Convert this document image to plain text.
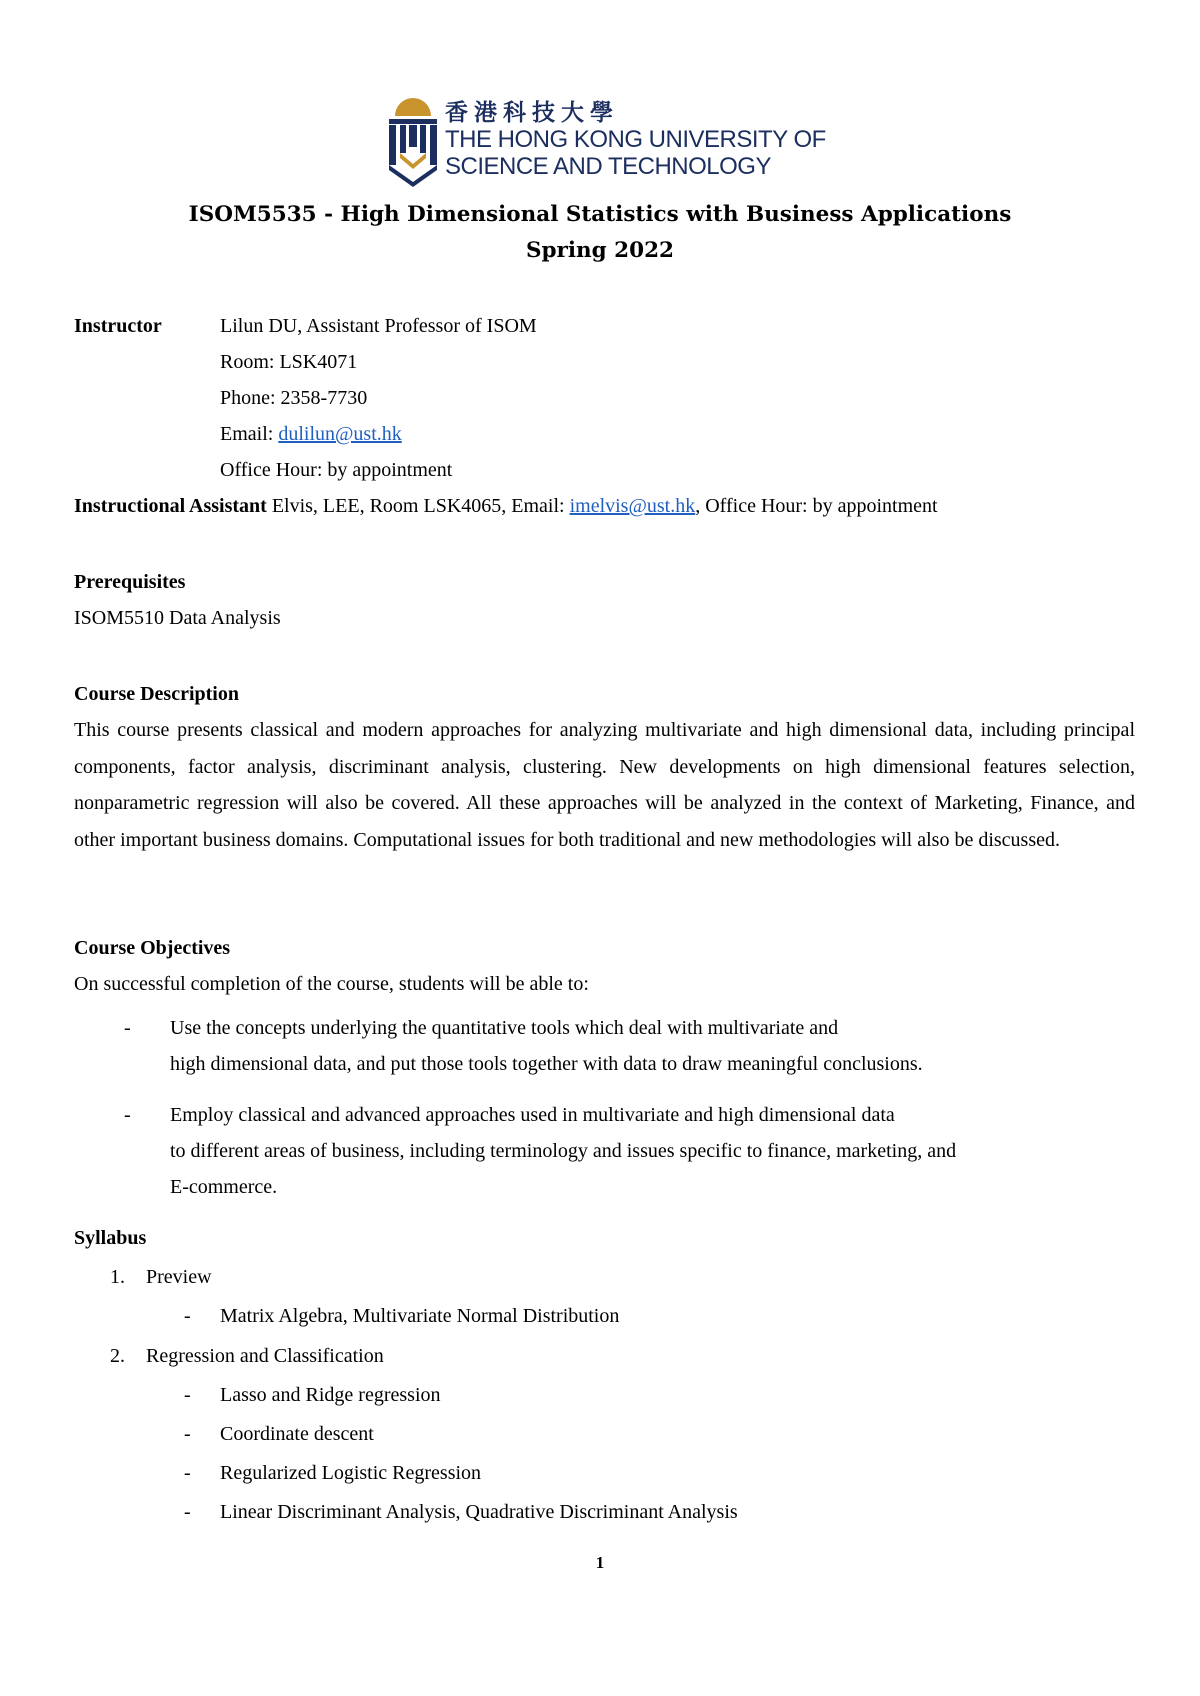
香港科技大學
THE HONG KONG UNIVERSITY OF
SCIENCE AND TECHNOLOGY
ISOM5535 - High Dimensional Statistics with Business Applications
Spring 2022
Instructor	Lilun DU, Assistant Professor of ISOM
Room: LSK4071
Phone: 2358-7730
Email: dulilun@ust.hk
Office Hour: by appointment
Instructional Assistant Elvis, LEE, Room LSK4065, Email: imelvis@ust.hk, Office Hour: by appointment
Prerequisites
ISOM5510 Data Analysis
Course Description
This course presents classical and modern approaches for analyzing multivariate and high dimensional data, including principal components, factor analysis, discriminant analysis, clustering. New developments on high dimensional features selection, nonparametric regression will also be covered. All these approaches will be analyzed in the context of Marketing, Finance, and other important business domains. Computational issues for both traditional and new methodologies will also be discussed.
Course Objectives
On successful completion of the course, students will be able to:
- Use the concepts underlying the quantitative tools which deal with multivariate and
high dimensional data, and put those tools together with data to draw meaningful conclusions.
- Employ classical and advanced approaches used in multivariate and high dimensional data
to different areas of business, including terminology and issues specific to finance, marketing, and
E-commerce.
Syllabus
1. Preview
- Matrix Algebra, Multivariate Normal Distribution
2. Regression and Classification
- Lasso and Ridge regression
- Coordinate descent
- Regularized Logistic Regression
- Linear Discriminant Analysis, Quadrative Discriminant Analysis
1
